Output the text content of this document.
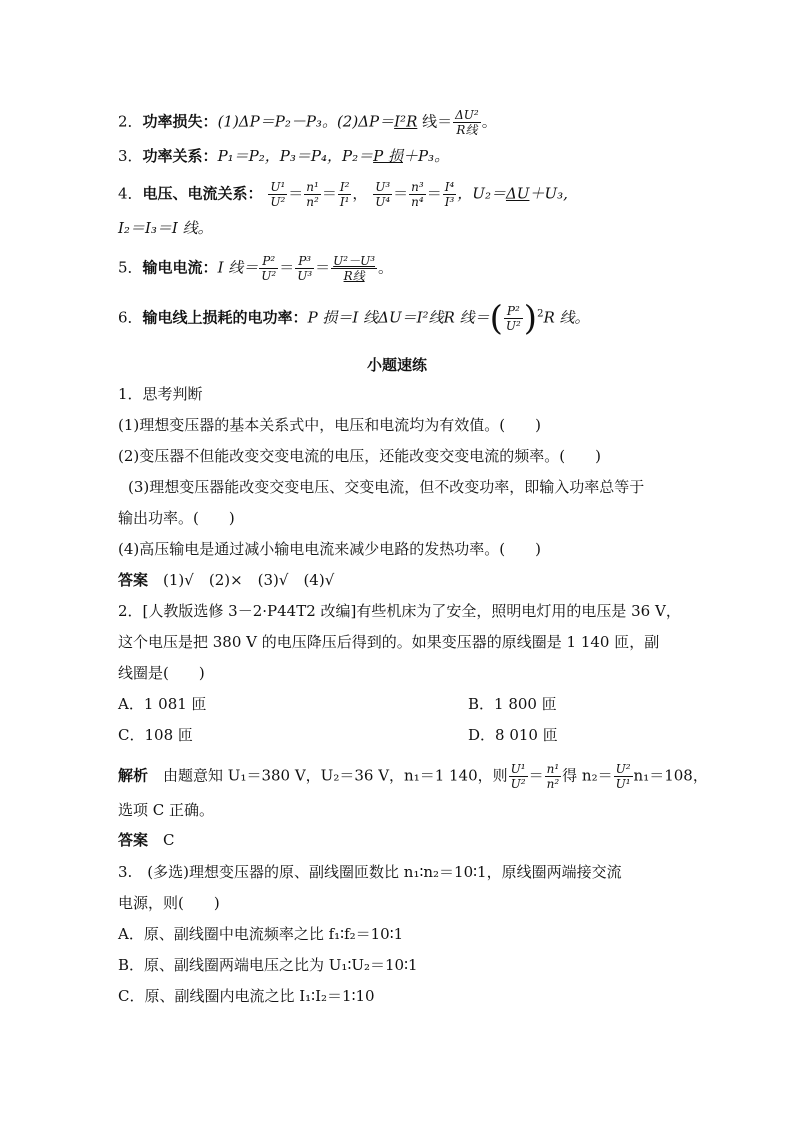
2．功率损失：(1)ΔP＝P₂－P₃。(2)ΔP＝I²R 线＝ $\frac{\text{ΔU²}}{\text{R线}}$ 。
3．功率关系：P₁＝P₂，P₃＝P₄，P₂＝P 损＋P₃。
4．电压、电流关系： $\frac{\text{U¹}}{\text{U²}} = \frac{\text{n¹}}{\text{n²}} = \frac{\text{I²}}{\text{I¹}}$ ， $\frac{\text{U³}}{\text{U⁴}} = \frac{\text{n³}}{\text{n⁴}} = \frac{\text{I⁴}}{\text{I³}}$ ，U₂＝ΔU＋U₃,
I₂＝I₃＝I 线。
5．输电电流：I 线＝ $\frac{\text{P²}}{\text{U²}} = \frac{\text{P³}}{\text{U³}} = \frac{\text{U²－U³}}{\text{R线}}$ 。
6．输电线上损耗的电功率：P 损＝I 线ΔU＝I²线R 线＝( $\frac{\text{P²}}{\text{U²}} )^2R$ 线。
小题速练
1．思考判断
(1)理想变压器的基本关系式中，电压和电流均为有效值。(　　)
(2)变压器不但能改变交变电流的电压，还能改变交变电流的频率。(　　)
(3)理想变压器能改变交变电压、交变电流，但不改变功率，即输入功率总等于
输出功率。(　　)
(4)高压输电是通过减小输电电流来减少电路的发热功率。(　　)
答案　 (1)√　(2)×　(3)√　(4)√
2．[人教版选修 3－2·P44T2 改编]有些机床为了安全，照明电灯用的电压是 36 V，
这个电压是把 380 V 的电压降压后得到的。如果变压器的原线圈是 1 140 匝，副
线圈是(　　)
A．1 081 匝	B．1 800 匝
C．108 匝	D．8 010 匝
解析　 由题意知 U₁＝380 V，U₂＝36 V，n₁＝1 140，则 $\frac{\text{U¹}}{\text{U²}} = \frac{\text{n¹}}{\text{n²}}$ 得 $n_2= \frac{\text{U²}}{\text{U¹}} n_1=108$，
选项 C 正确。
答案　 C
3.　(多选)理想变压器的原、副线圈匝数比 n₁∶n₂＝10∶1，原线圈两端接交流
电源，则(　　)
A．原、副线圈中电流频率之比 f₁∶f₂＝10∶1
B．原、副线圈两端电压之比为 U₁∶U₂＝10∶1
C．原、副线圈内电流之比 I₁∶I₂＝1∶10
